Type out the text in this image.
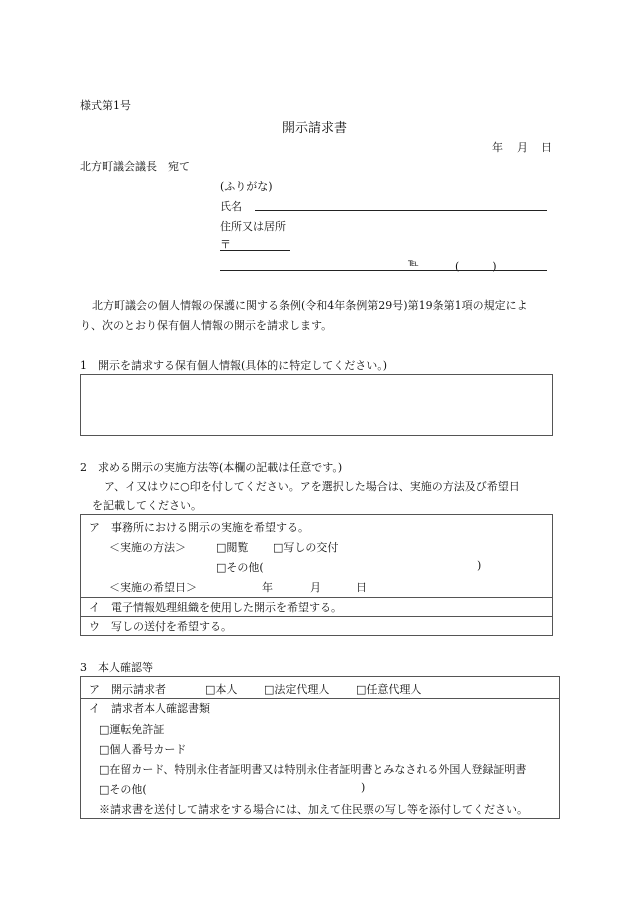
様式第1号
開示請求書
年 月 日
北方町議会議長　宛て
(ふりがな)
氏名
住所又は居所
〒
℡	(　　　)
北方町議会の個人情報の保護に関する条例(令和4年条例第29号)第19条第1項の規定によ
り、次のとおり保有個人情報の開示を請求します。
1　開示を請求する保有個人情報(具体的に特定してください。)
2　求める開示の実施方法等(本欄の記載は任意です。)
ア、イ又はウに○印を付してください。アを選択した場合は、実施の方法及び希望日
を記載してください。
ア　事務所における開示の実施を希望する。
＜実施の方法＞	□閲覧 □写しの交付
□その他(	)
＜実施の希望日＞	年	月	日
イ　電子情報処理組織を使用した開示を希望する。
ウ　写しの送付を希望する。
3　本人確認等
ア　開示請求者	□本人 □法定代理人 □任意代理人
イ　請求者本人確認書類
□運転免許証
□個人番号カード
□在留カード、特別永住者証明書又は特別永住者証明書とみなされる外国人登録証明書
□その他(	)
※請求書を送付して請求をする場合には、加えて住民票の写し等を添付してください。
